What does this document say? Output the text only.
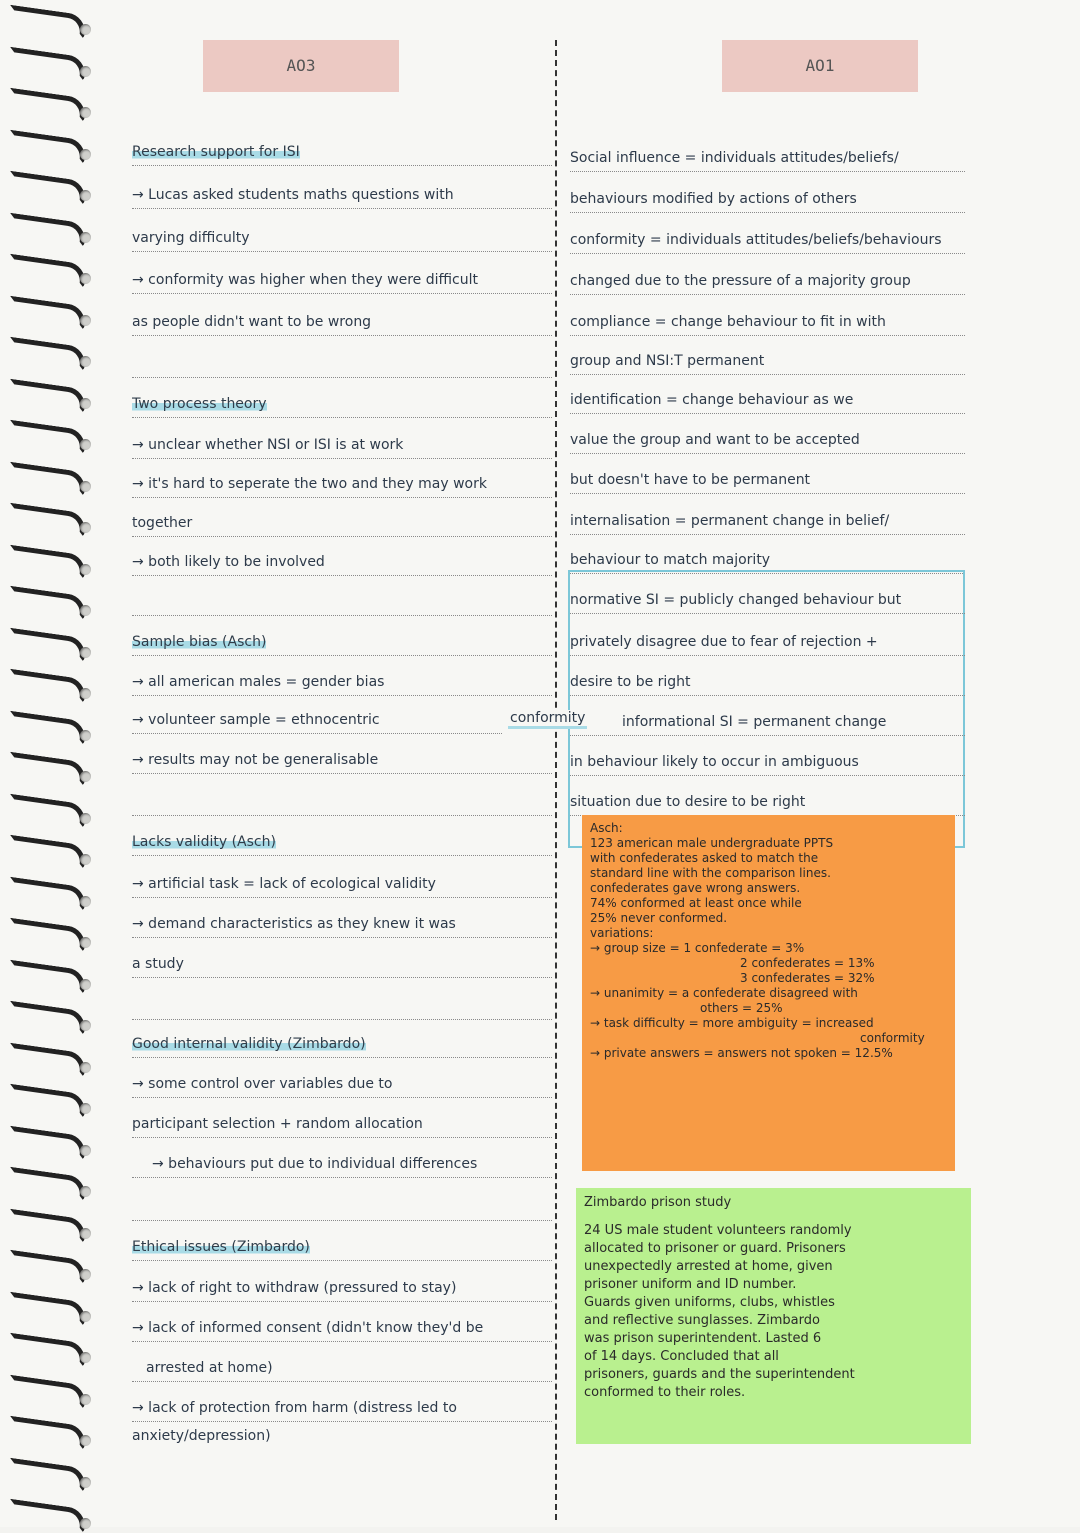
AO3	AO1
Research support for ISI
→ Lucas asked students maths questions with
varying difficulty
→ conformity was higher when they were difficult
as people didn't want to be wrong
Two process theory
→ unclear whether NSI or ISI is at work
→ it's hard to seperate the two and they may work
together
→ both likely to be involved
Sample bias (Asch)
→ all american males = gender bias
→ volunteer sample = ethnocentric
→ results may not be generalisable
Lacks validity (Asch)
→ artificial task = lack of ecological validity
→ demand characteristics as they knew it was
a study
Good internal validity (Zimbardo)
→ some control over variables due to
participant selection + random allocation
→ behaviours put due to individual differences
Ethical issues (Zimbardo)
→ lack of right to withdraw (pressured to stay)
→ lack of informed consent (didn't know they'd be
arrested at home)
→ lack of protection from harm (distress led to
anxiety/depression)
Social influence = individuals attitudes/beliefs/
behaviours modified by actions of others
conformity = individuals attitudes/beliefs/behaviours
changed due to the pressure of a majority group
compliance = change behaviour to fit in with
group and NSI:T permanent
identification = change behaviour as we
value the group and want to be accepted
but doesn't have to be permanent
internalisation = permanent change in belief/
behaviour to match majority
normative SI = publicly changed behaviour but
privately disagree due to fear of rejection +
desire to be right
informational SI = permanent change
in behaviour likely to occur in ambiguous
situation due to desire to be right
conformity
Asch:
123 american male undergraduate PPTS
with confederates asked to match the
standard line with the comparison lines.
confederates gave wrong answers.
74% conformed at least once while
25% never conformed.
variations:
→ group size = 1 confederate = 3%
2 confederates = 13%
3 confederates = 32%
→ unanimity = a confederate disagreed with
others = 25%
→ task difficulty = more ambiguity = increased
conformity
→ private answers = answers not spoken = 12.5%
Zimbardo prison study
24 US male student volunteers randomly
allocated to prisoner or guard. Prisoners
unexpectedly arrested at home, given
prisoner uniform and ID number.
Guards given uniforms, clubs, whistles
and reflective sunglasses. Zimbardo
was prison superintendent. Lasted 6
of 14 days. Concluded that all
prisoners, guards and the superintendent
conformed to their roles.
